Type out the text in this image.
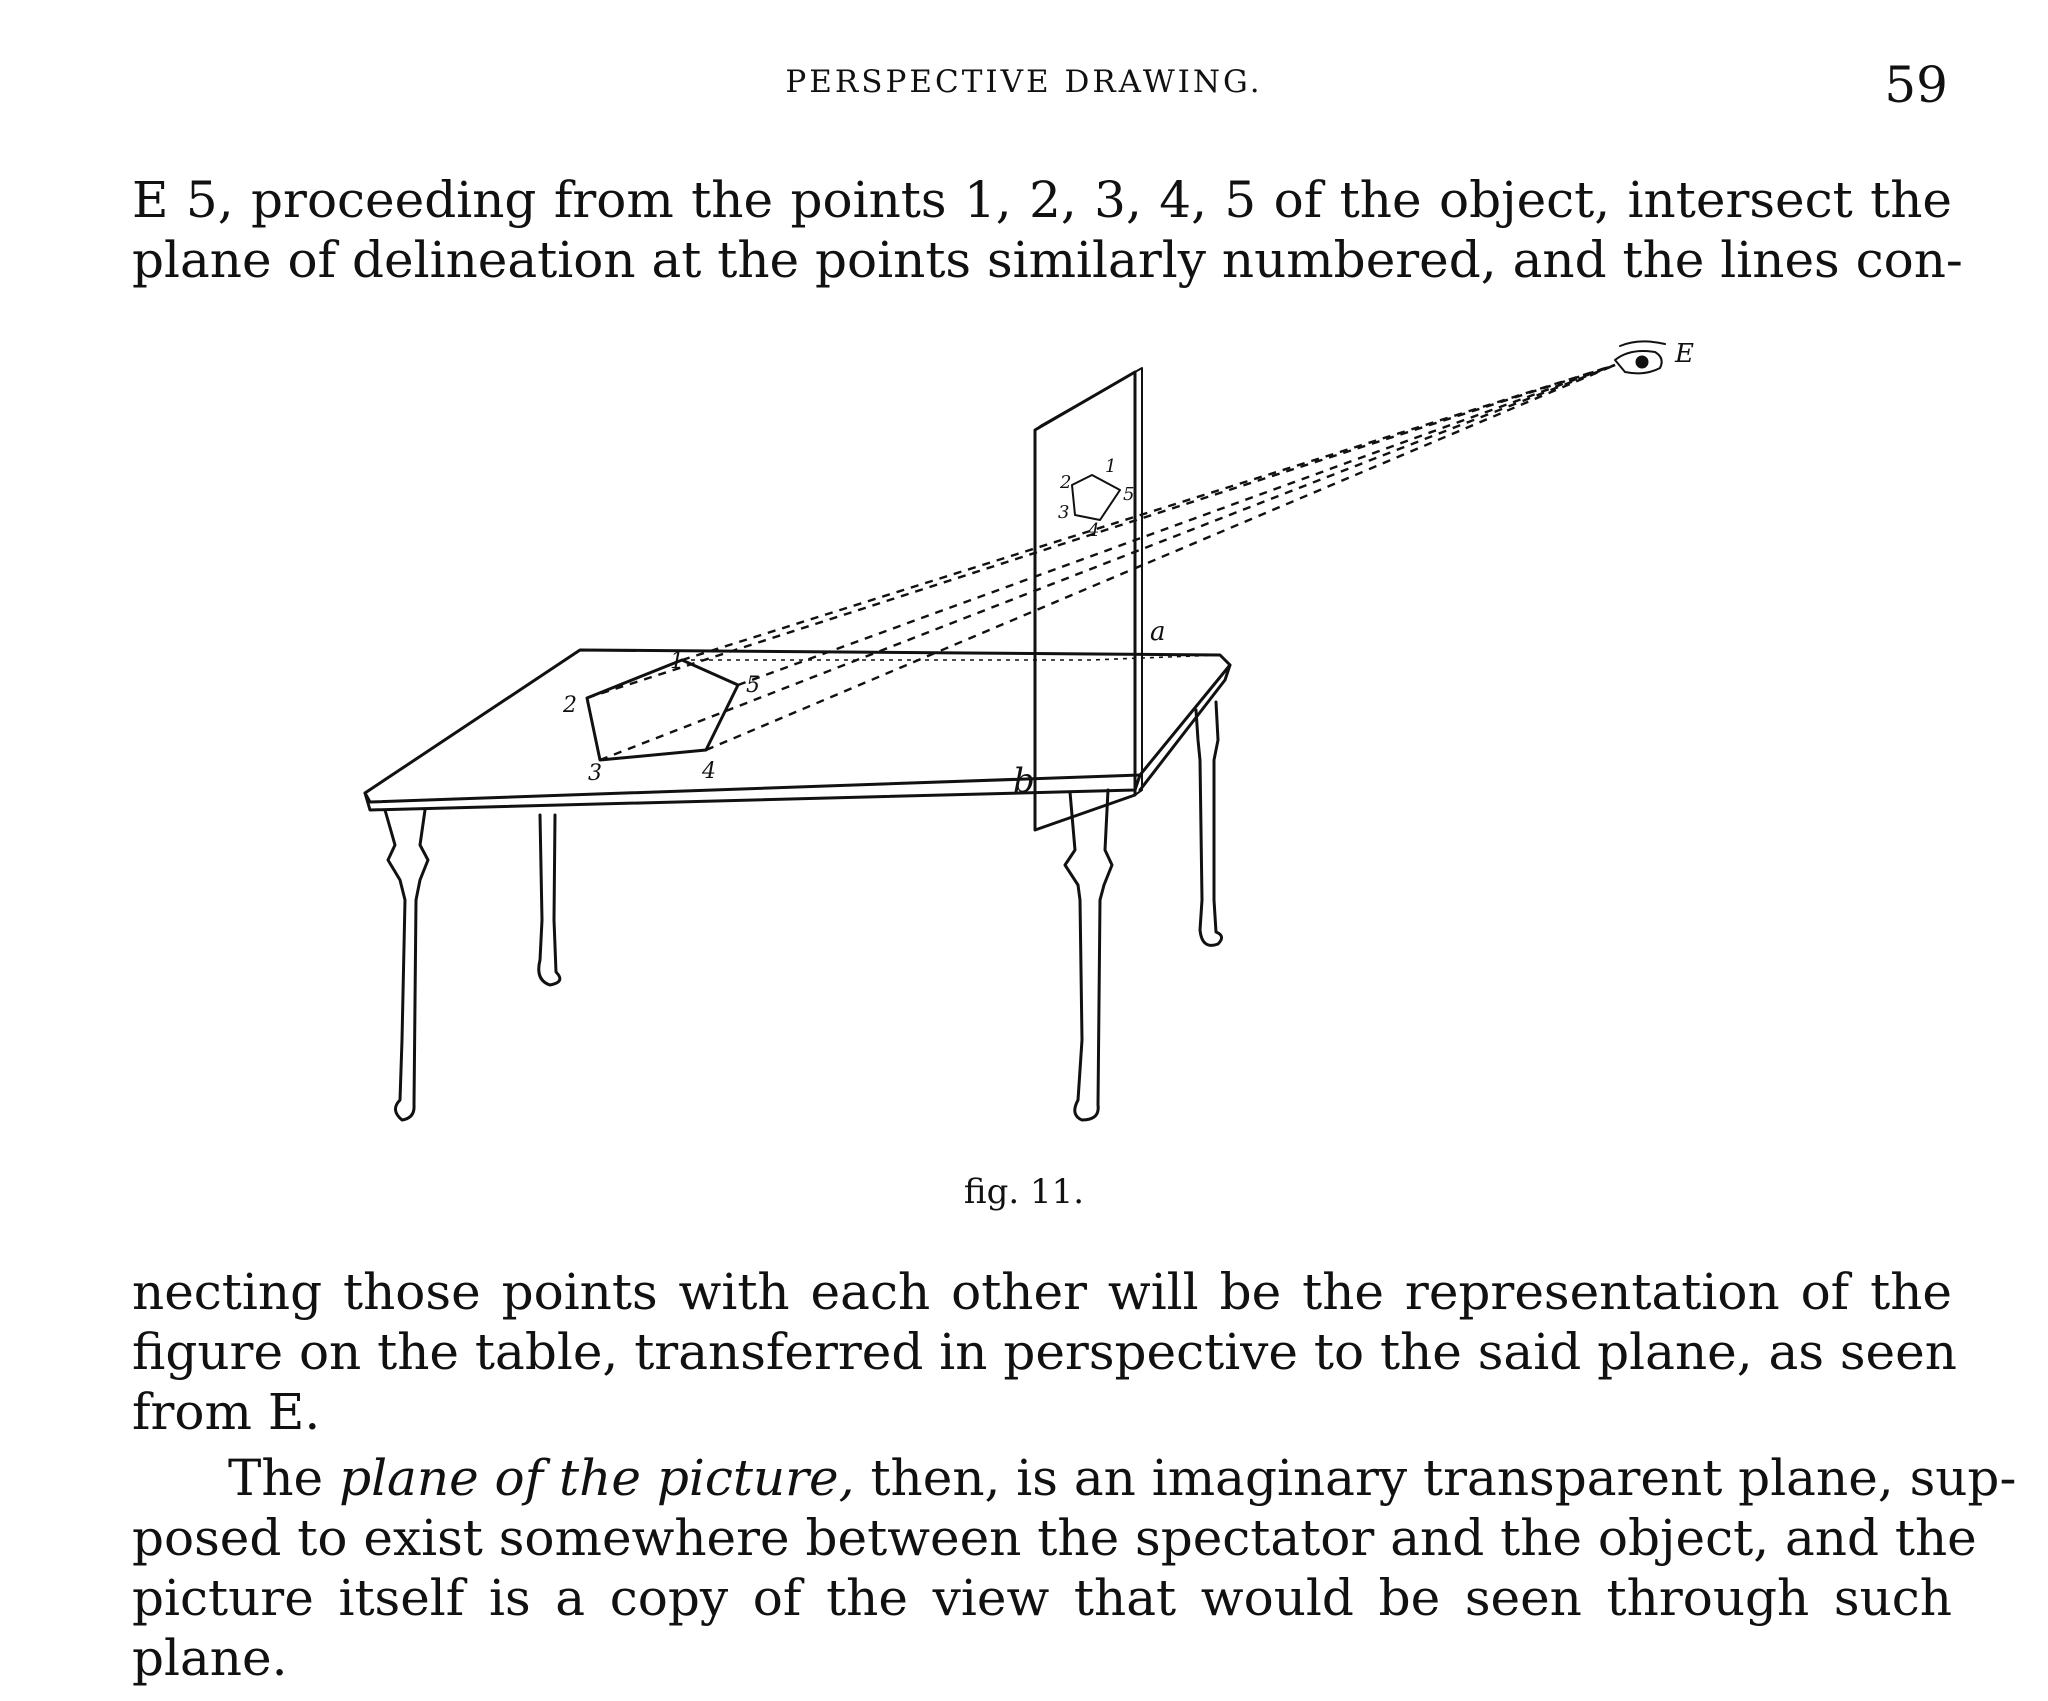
PERSPECTIVE DRAWING.	59
E 5, proceeding from the points 1, 2, 3, 4, 5 of the object, intersect the
plane of delineation at the points similarly numbered, and the lines con-
E
a
b
1
2
3	4
5
1
2
3
4
5
fig. 11.
necting those points with each other will be the representation of the
figure on the table, transferred in perspective to the said plane, as seen
from E.
The plane of the picture, then, is an imaginary transparent plane, sup-
posed to exist somewhere between the spectator and the object, and the
picture itself is a copy of the view that would be seen through such
plane.
